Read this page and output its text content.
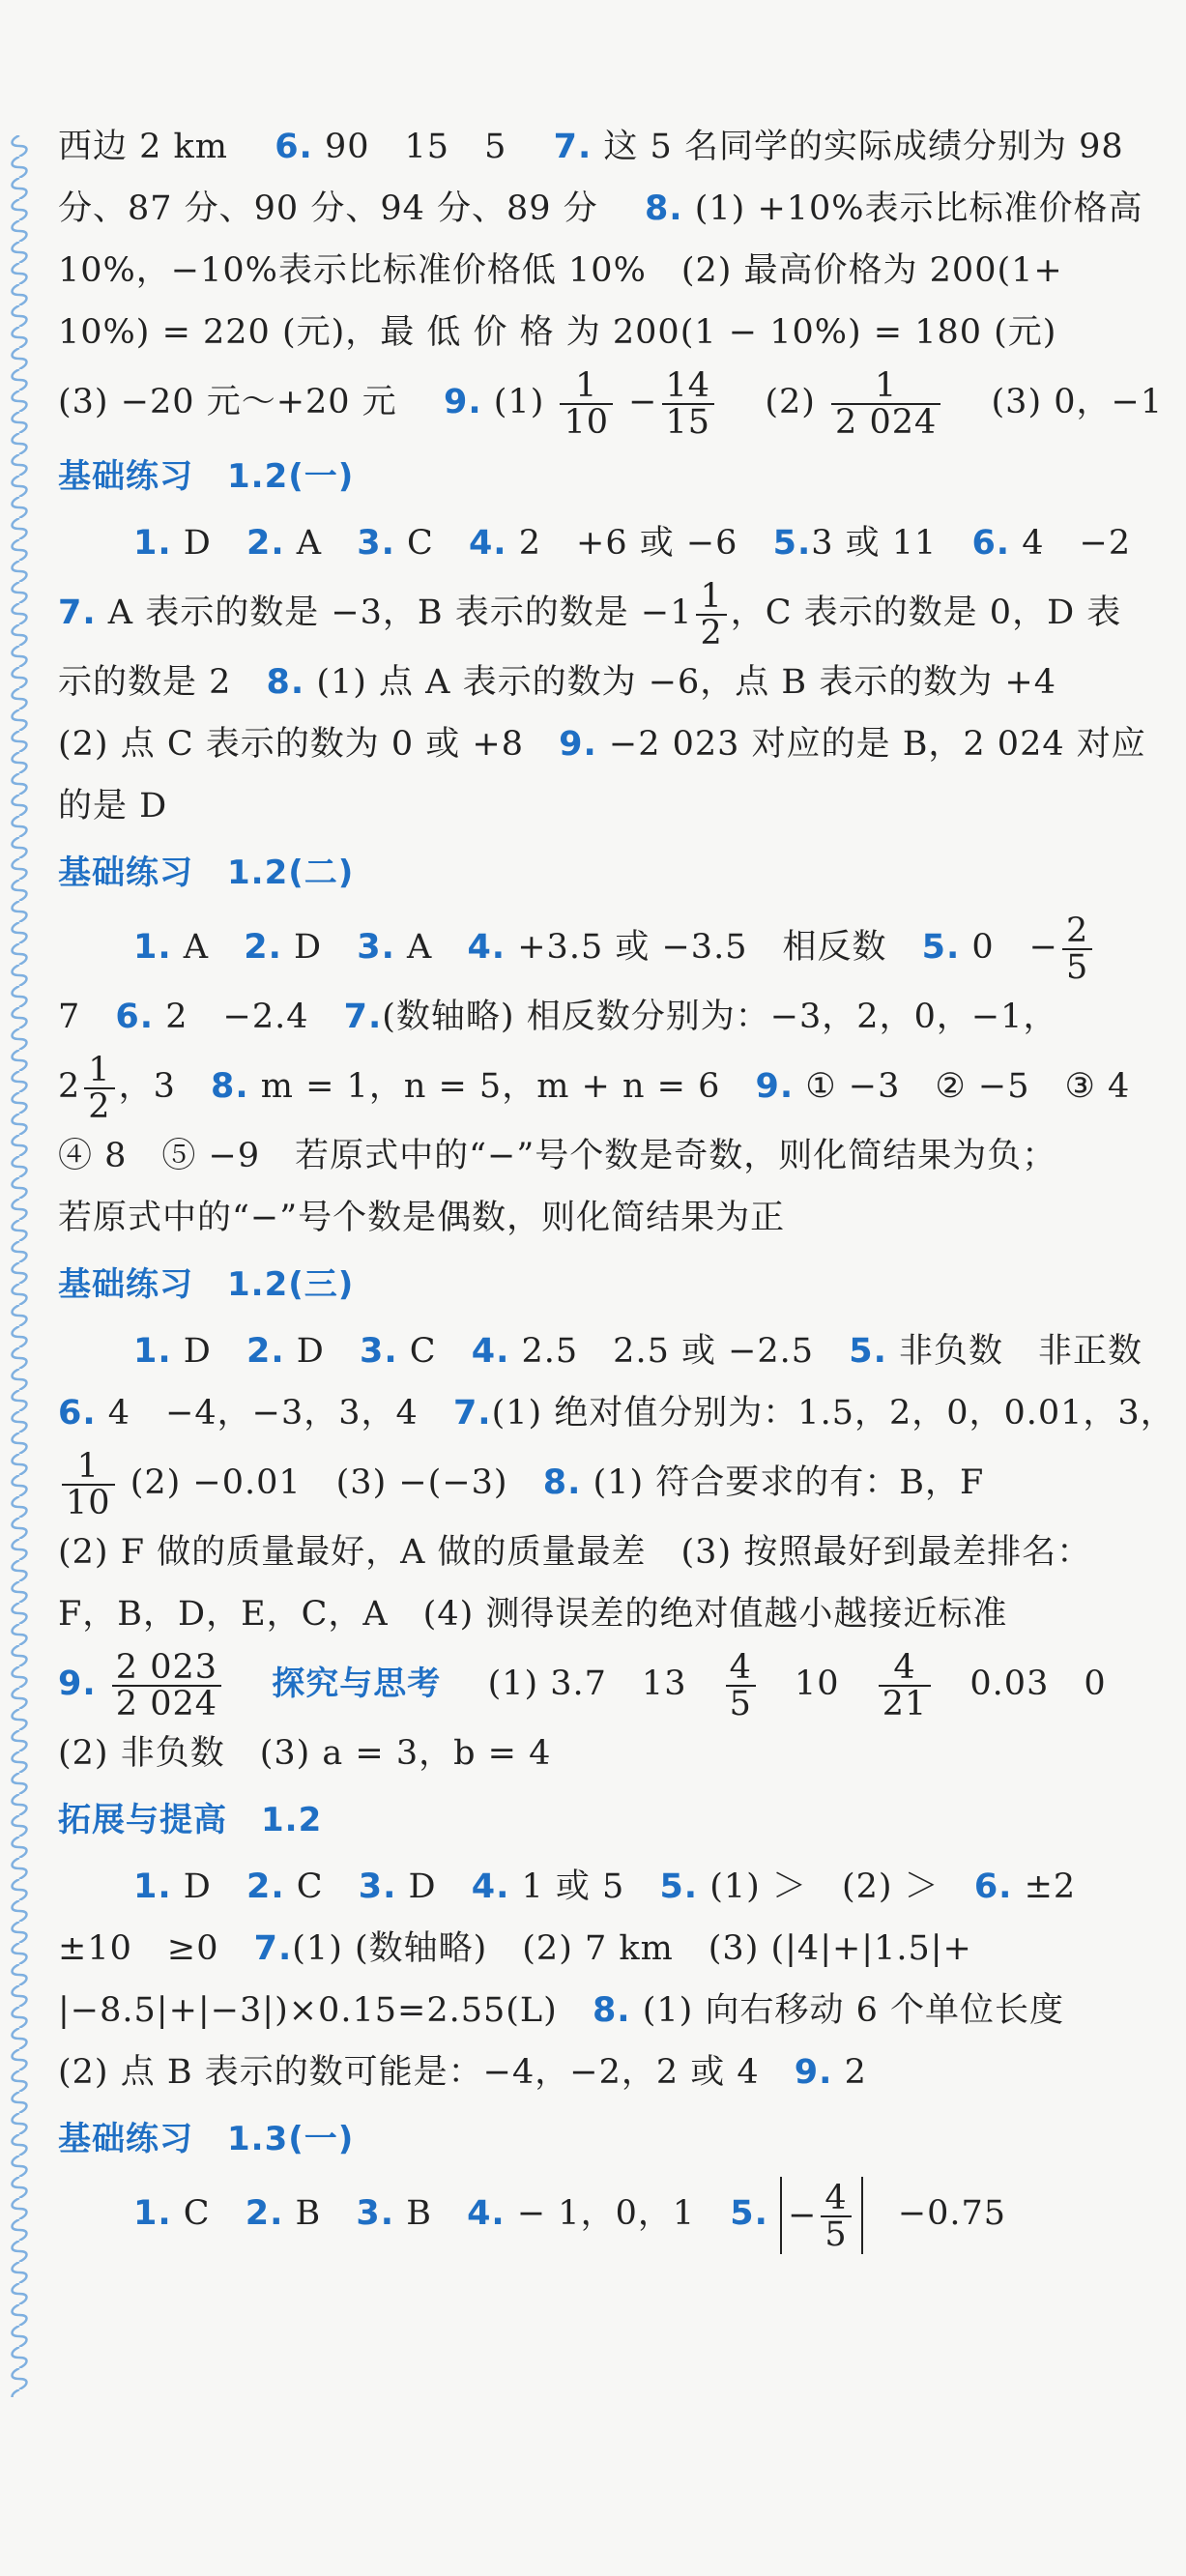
西边 2 km 6. 90　15　5 7. 这 5 名同学的实际成绩分别为 98
分、87 分、90 分、94 分、89 分 8. (1) +10%表示比标准价格高
10%，−10%表示比标准价格低 10%　(2) 最高价格为 200(1+
10%) = 220 (元)，最 低 价 格 为 200(1 − 10%) = 180 (元)
(3) −20 元～+20 元 9. $(1) \frac{1}{10} - \frac{14}{15} (2) \frac{1}{2 024} (3)$ 0，−1
基础练习　1.2(一)
1. D 2. A 3. C 4. 2　+6 或 −6 5.3 或 11 6. 4　−2
7. A 表示的数是 −3，B 表示的数是 $-1 \frac{1}{2}$ ，C 表示的数是 0，D 表
示的数是 2 8. (1) 点 A 表示的数为 −6，点 B 表示的数为 +4
(2) 点 C 表示的数为 0 或 +8 9. −2 023 对应的是 B，2 024 对应
的是 D
基础练习　1.2(二)
1. A 2. D 3. A 4. +3.5 或 −3.5　相反数 5. 0　− $\frac{2}{5}$
7 6. 2　−2.4 7.(数轴略) 相反数分别为：−3，2，0，−1，
$2 \frac{1}{2}$ ，3 8. m = 1，n = 5，m + n = 6 9. ① −3　② −5　③ 4
④ 8　⑤ −9　若原式中的“−”号个数是奇数，则化简结果为负；
若原式中的“−”号个数是偶数，则化简结果为正
基础练习　1.2(三)
1. D 2. D 3. C 4. 2.5　2.5 或 −2.5 5. 非负数　非正数
6. 4　−4，−3，3，4 7.(1) 绝对值分别为：1.5，2，0，0.01，3，
$\frac{1}{10} (2) -0.01$　(3) −(−3) 8. (1) 符合要求的有：B，F
(2) F 做的质量最好，A 做的质量最差　(3) 按照最好到最差排名：
F，B，D，E，C，A　(4) 测得误差的绝对值越小越接近标准
9. $\frac{2 023}{2 024}$ 探究与思考 (1) 3.7　$13 \frac{4}{5} 10 \frac{4}{21} 0.03$　0
(2) 非负数　(3) a = 3，b = 4
拓展与提高　1.2
1. D 2. C 3. D 4. 1 或 5 5. (1) ＞　(2) ＞ 6. ±2
±10　≥0 7.(1) (数轴略)　(2) 7 km　(3) (|4|+|1.5|+
|−8.5|+|−3|)×0.15=2.55(L) 8. (1) 向右移动 6 个单位长度
(2) 点 B 表示的数可能是：−4，−2，2 或 4 9. 2
基础练习　1.3(一)
1. C 2. B 3. B 4. − 1，0，1 5. − $\frac{4}{5} -0.75$
